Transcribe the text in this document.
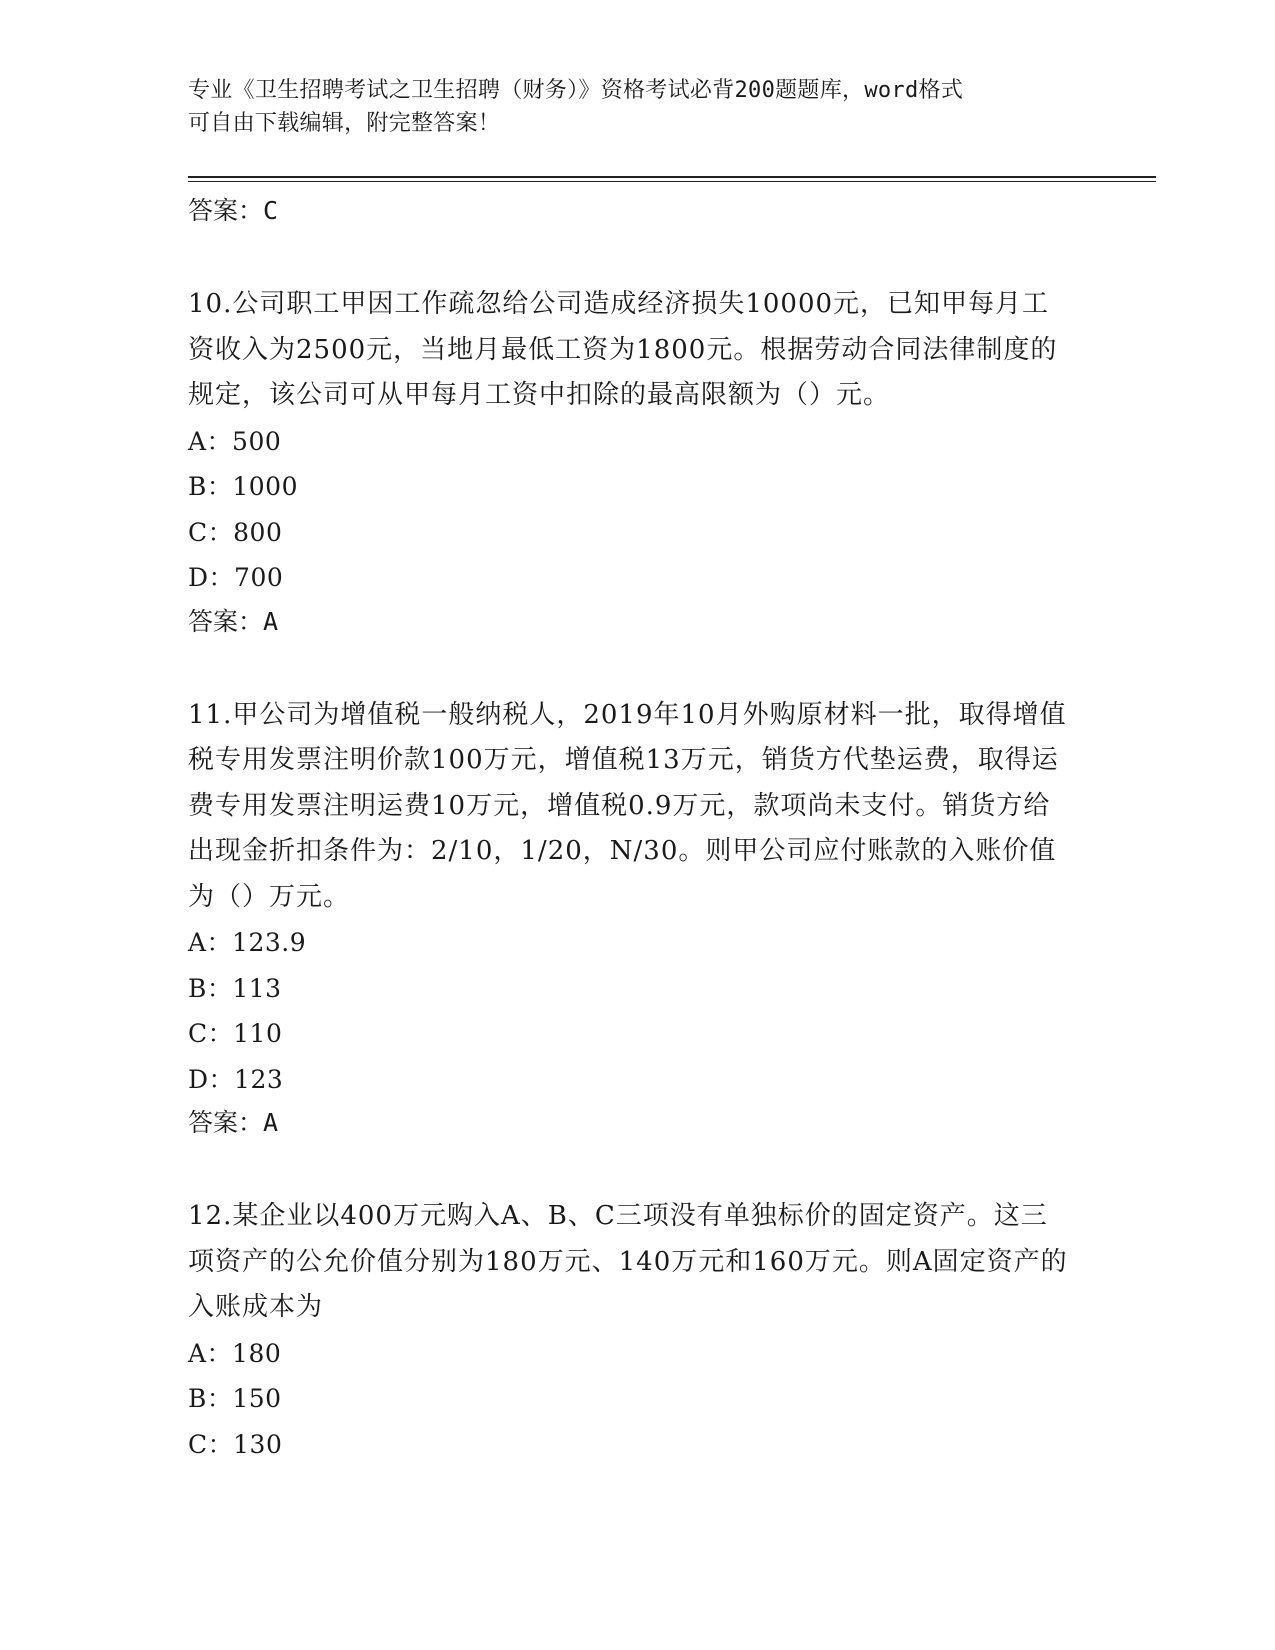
专业《卫生招聘考试之卫生招聘（财务）》资格考试必背200题题库，word格式
可自由下载编辑，附完整答案！
答案：C

10.公司职工甲因工作疏忽给公司造成经济损失10000元，已知甲每月工资收入为2500元，当地月最低工资为1800元。根据劳动合同法律制度的规定，该公司可从甲每月工资中扣除的最高限额为（）元。

A：500
B：1000
C：800
D：700
答案：A

11.甲公司为增值税一般纳税人，2019年10月外购原材料一批，取得增值税专用发票注明价款100万元，增值税13万元，销货方代垫运费，取得运费专用发票注明运费10万元，增值税0.9万元，款项尚未支付。销货方给出现金折扣条件为：2/10，1/20，N/30。则甲公司应付账款的入账价值为（）万元。

A：123.9
B：113
C：110
D：123
答案：A

12.某企业以400万元购入A、B、C三项没有单独标价的固定资产。这三项资产的公允价值分别为180万元、140万元和160万元。则A固定资产的入账成本为

A：180
B：150
C：130
